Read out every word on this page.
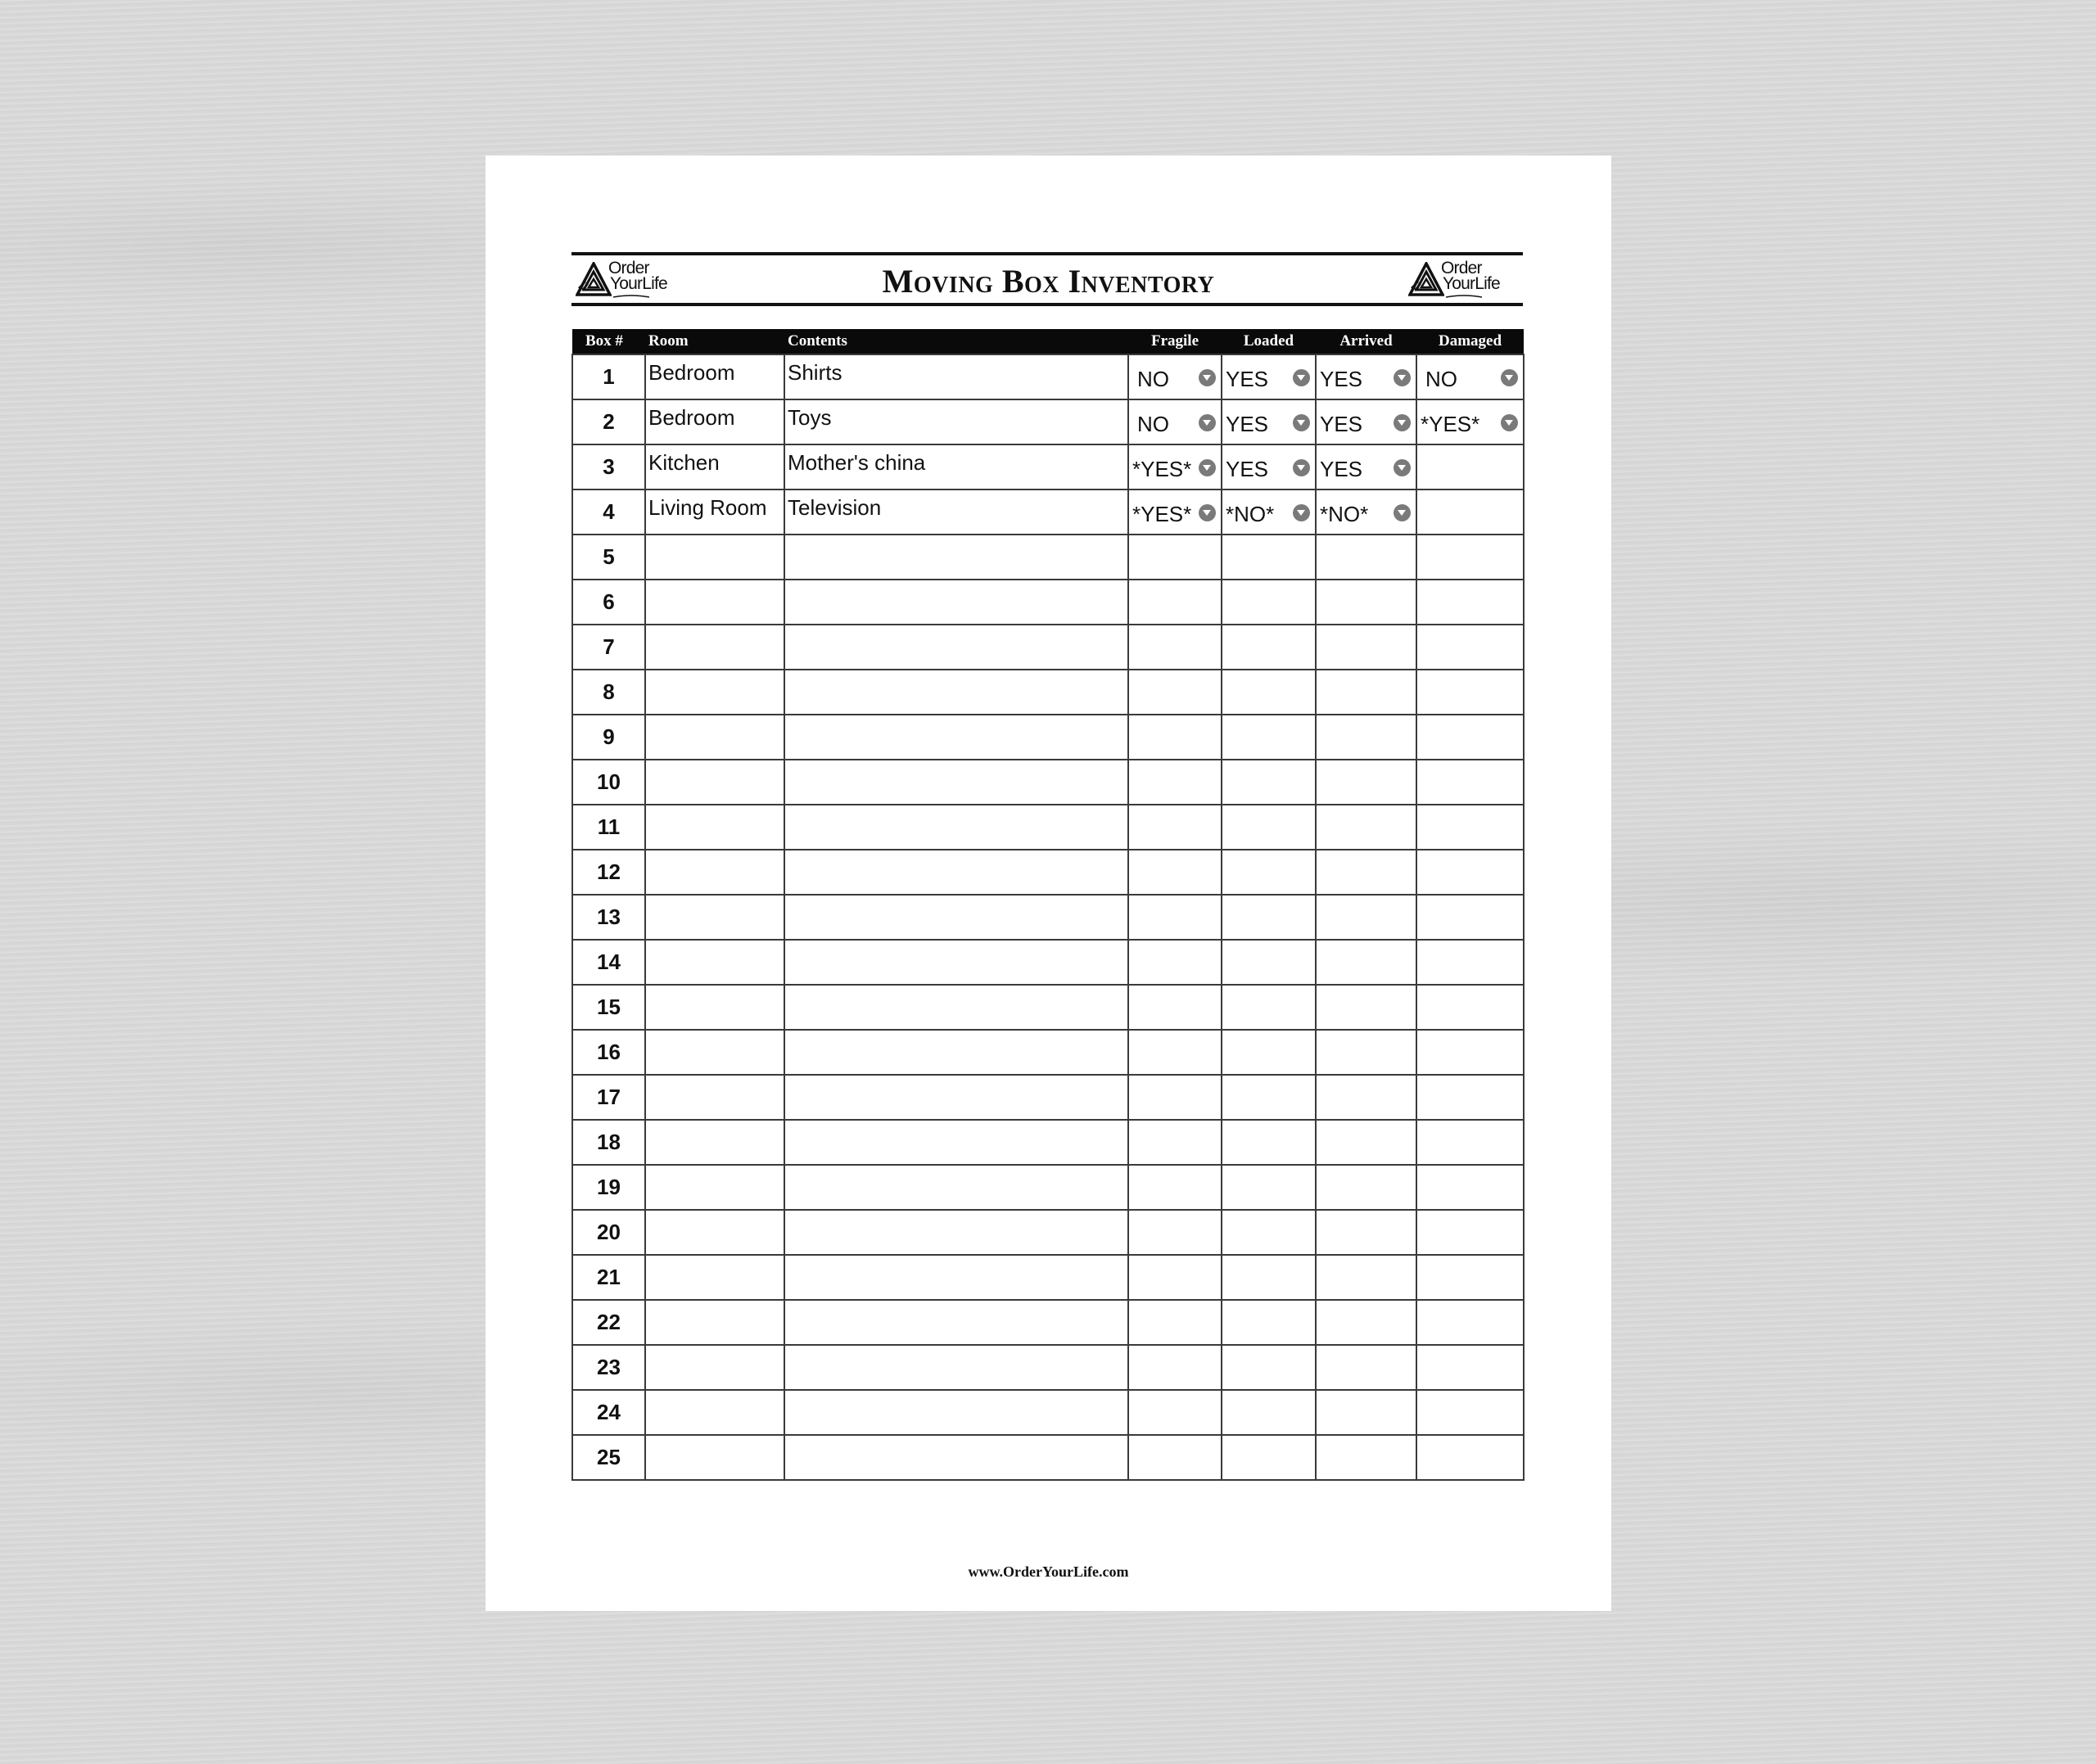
Order
YourLife	Moving Box Inventory	Order
YourLife
Box #	Room	Contents	Fragile	Loaded	Arrived	Damaged
1	Bedroom	Shirts	NO	YES	YES	NO

2	Bedroom	Toys	NO	YES	YES	*YES*

3	Kitchen	Mother's china	*YES*	YES	YES	

4	Living Room	Television	*YES*	*NO*	*NO*	

5	

6	

7	

8	

9	

10	

11	

12	

13	

14	

15	

16	

17	

18	

19	

20	

21	

22	

23	

24	

25	

www.OrderYourLife.com
